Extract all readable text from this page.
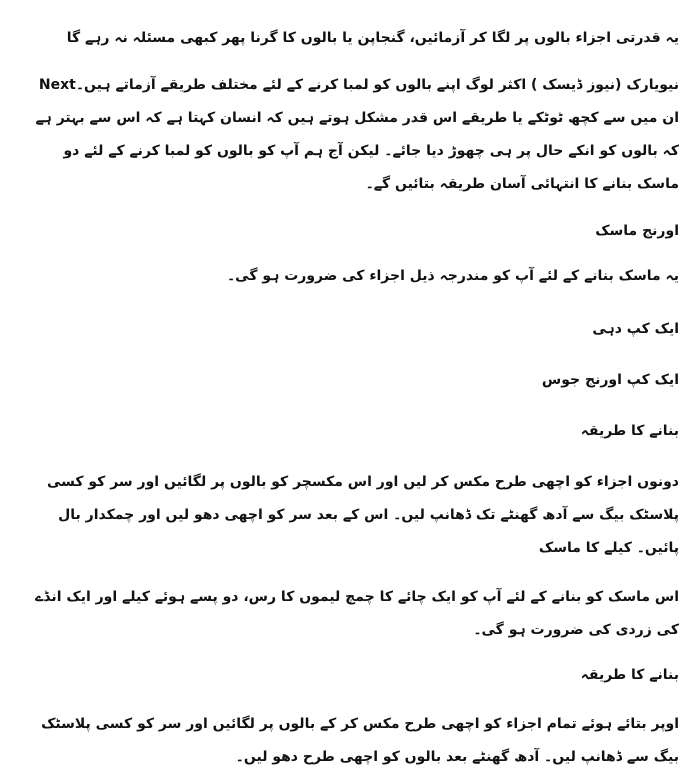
یہ قدرتی اجزاء بالوں پر لگا کر آزمائیں، گنجاپن یا بالوں کا گرنا پھر کبھی مسئلہ نہ رہے گا

Nextنیویارک (نیوز ڈیسک ) اکثر لوگ اپنے بالوں کو لمبا کرنے کے لئے مختلف طریقے آزماتے ہیں۔ ان میں سے کچھ ٹوٹکے یا طریقے اس قدر مشکل ہوتے ہیں کہ انسان کہتا ہے کہ اس سے بہتر ہے کہ بالوں کو انکے حال پر ہی چھوڑ دیا جائے۔ لیکن آج ہم آپ کو بالوں کو لمبا کرنے کے لئے دو ماسک بنانے کا انتہائی آسان طریقہ بتائیں گے۔

اورنج ماسک

یہ ماسک بنانے کے لئے آپ کو مندرجہ ذیل اجزاء کی ضرورت ہو گی۔

ایک کپ دہی

ایک کپ اورنج جوس

بنانے کا طریقہ

دونوں اجزاء کو اچھی طرح مکس کر لیں اور اس مکسچر کو بالوں پر لگائیں اور سر کو کسی پلاسٹک بیگ سے آدھ گھنٹے تک ڈھانپ لیں۔ اس کے بعد سر کو اچھی دھو لیں اور چمکدار بال پائیں۔ کیلے کا ماسک

اس ماسک کو بنانے کے لئے آپ کو ایک چائے کا چمچ لیموں کا رس، دو پسے ہوئے کیلے اور ایک انڈے کی زردی کی ضرورت ہو گی۔

بنانے کا طریقہ

اوپر بتائے ہوئے تمام اجزاء کو اچھی طرح مکس کر کے بالوں پر لگائیں اور سر کو کسی پلاسٹک بیگ سے ڈھانپ لیں۔ آدھ گھنٹے بعد بالوں کو اچھی طرح دھو لیں۔
